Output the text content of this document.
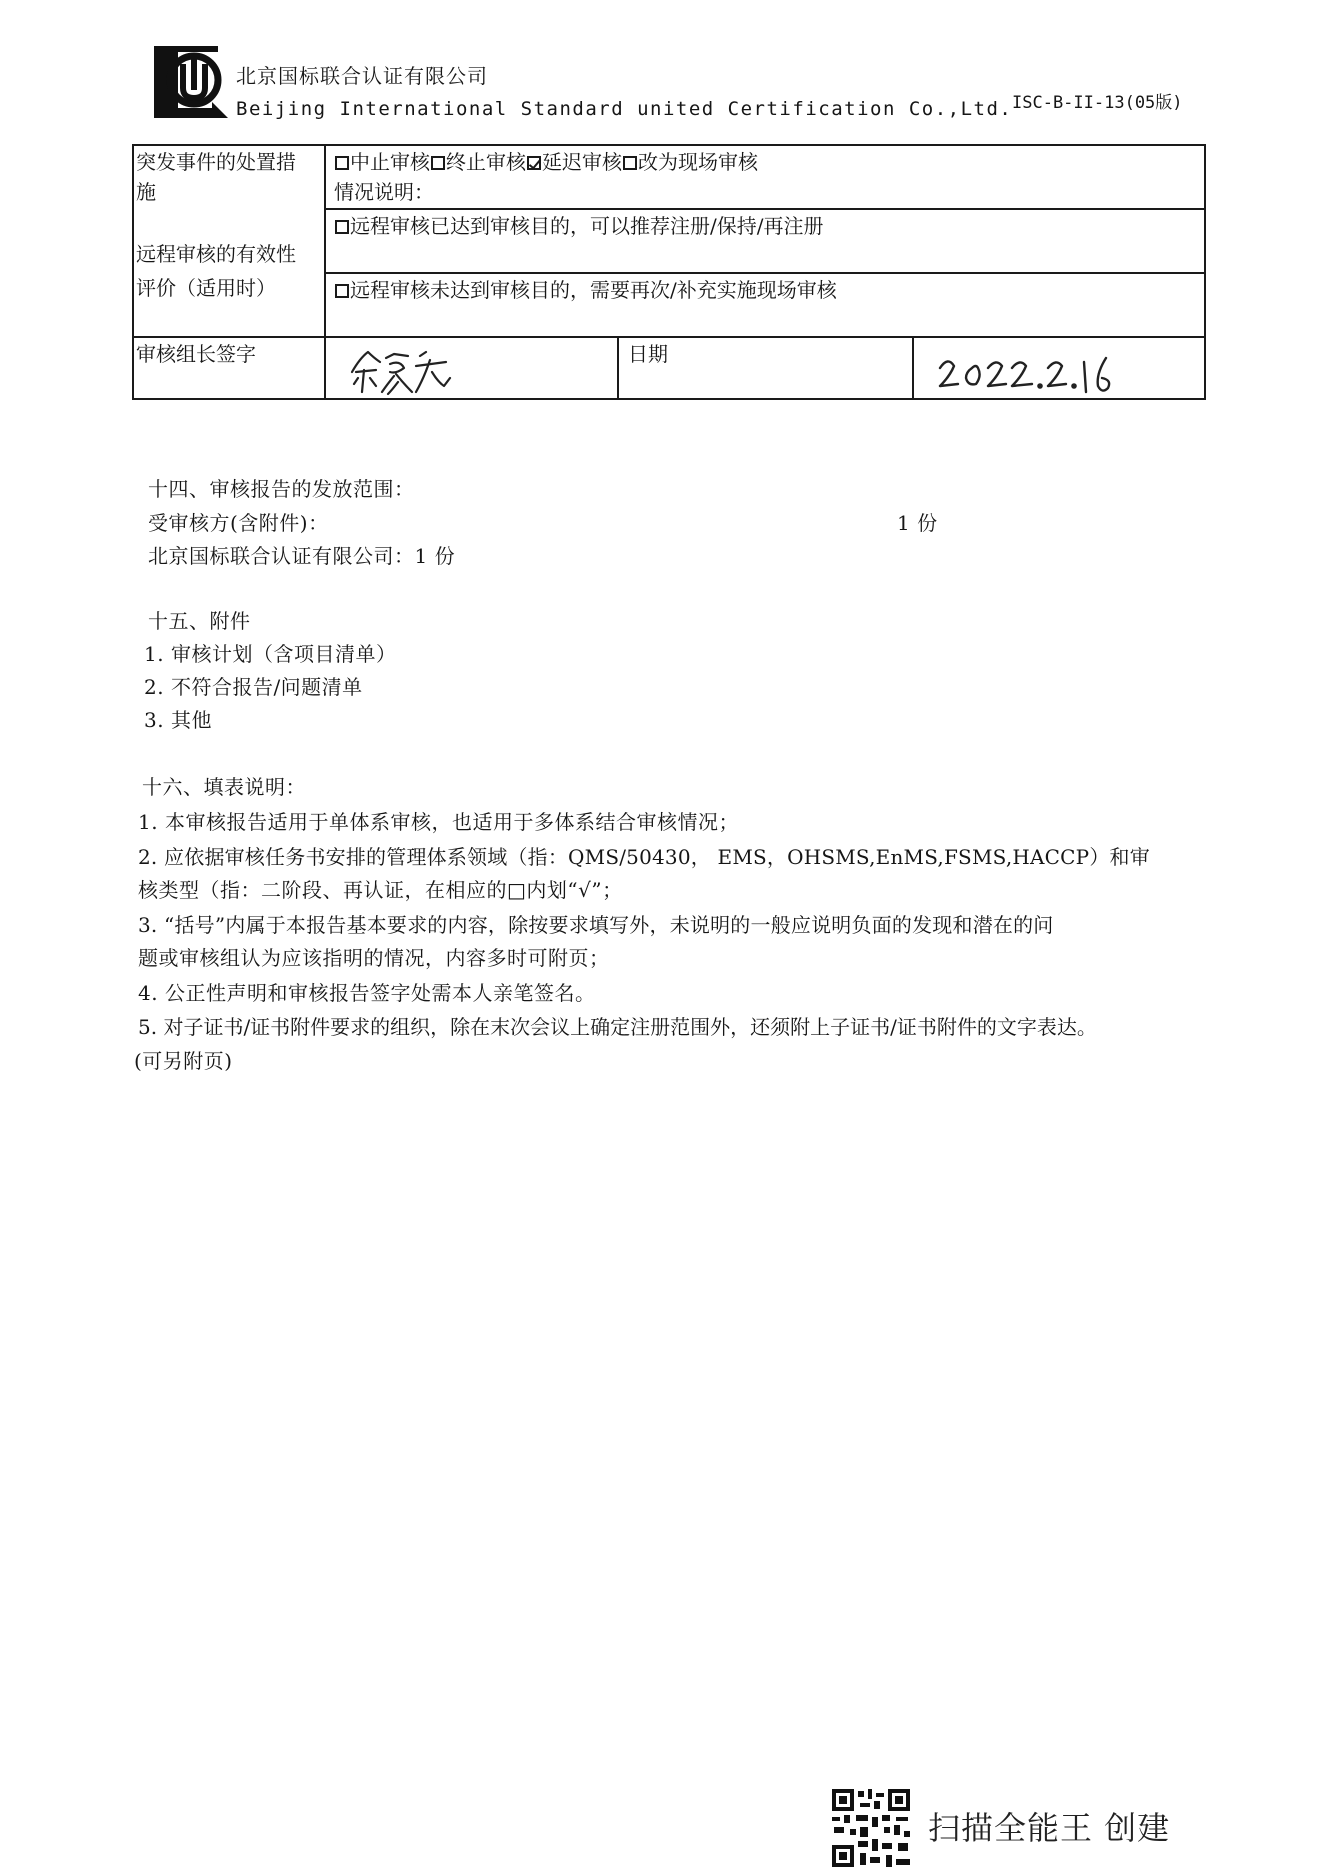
北京国标联合认证有限公司
Beijing International Standard united Certification Co.,Ltd. ISC-B-II-13(05版)
突发事件的处置措
施
中止审核 终止审核 延迟审核 改为现场审核
情况说明：
远程审核的有效性
评价（适用时）
远程审核已达到审核目的，可以推荐注册/保持/再注册
远程审核未达到审核目的，需要再次/补充实施现场审核
审核组长签字	日期
十四、审核报告的发放范围：
受审核方(含附件)：	1 份
北京国标联合认证有限公司：1 份
十五、附件
1. 审核计划（含项目清单）
2. 不符合报告/问题清单
3. 其他
十六、填表说明：
1. 本审核报告适用于单体系审核，也适用于多体系结合审核情况；
2. 应依据审核任务书安排的管理体系领域（指：QMS/50430， EMS，OHSMS,EnMS,FSMS,HACCP）和审
核类型（指：二阶段、再认证，在相应的□内划“√”；
3. “括号”内属于本报告基本要求的内容，除按要求填写外，未说明的一般应说明负面的发现和潜在的问
题或审核组认为应该指明的情况，内容多时可附页；
4. 公正性声明和审核报告签字处需本人亲笔签名。
5. 对子证书/证书附件要求的组织，除在末次会议上确定注册范围外，还须附上子证书/证书附件的文字表达。
(可另附页)
扫描全能王 创建
